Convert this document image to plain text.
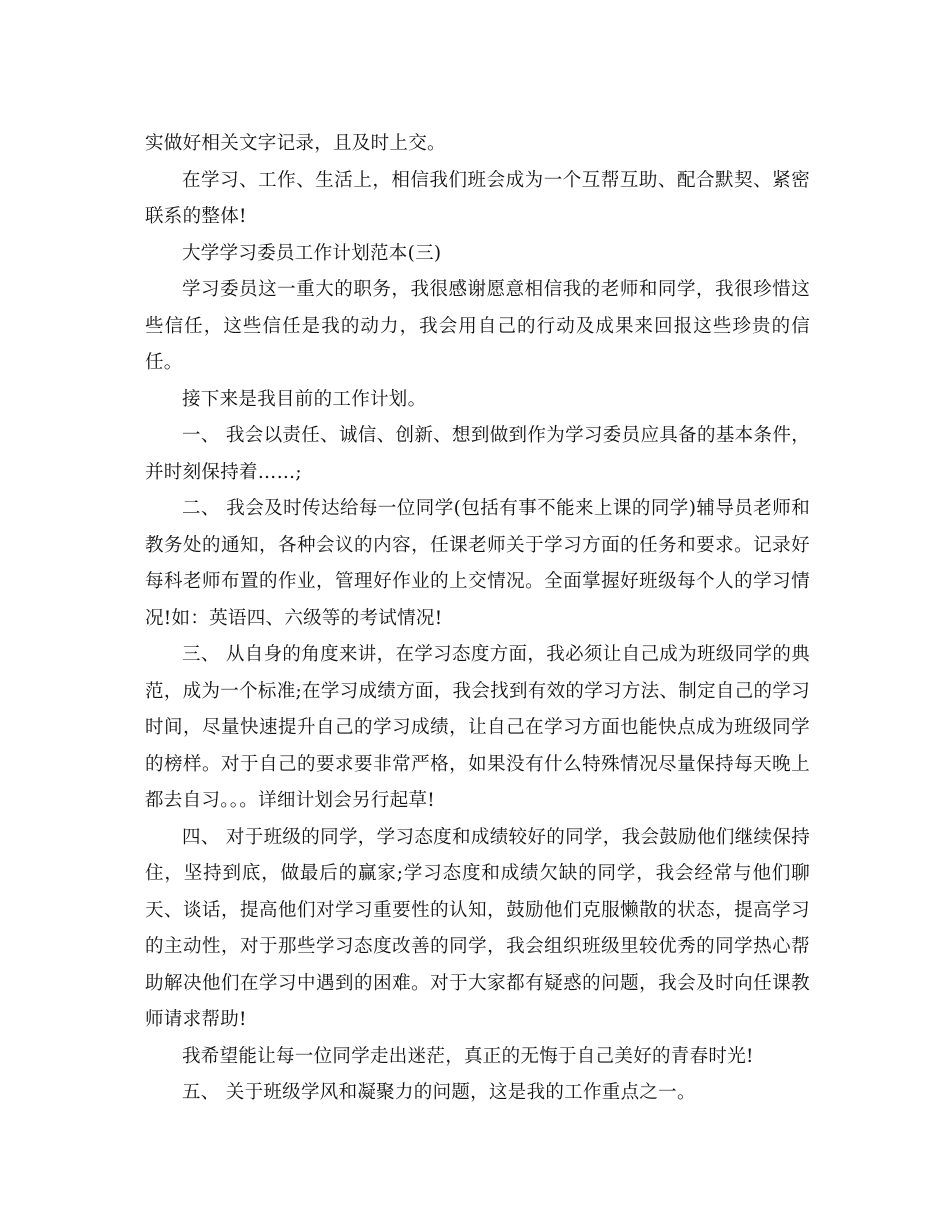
实做好相关文字记录，且及时上交。

在学习、工作、生活上，相信我们班会成为一个互帮互助、配合默契、紧密联系的整体!

大学学习委员工作计划范本(三)

学习委员这一重大的职务，我很感谢愿意相信我的老师和同学，我很珍惜这些信任，这些信任是我的动力，我会用自己的行动及成果来回报这些珍贵的信任。

接下来是我目前的工作计划。

一、 我会以责任、诚信、创新、想到做到作为学习委员应具备的基本条件，并时刻保持着……;

二、 我会及时传达给每一位同学(包括有事不能来上课的同学)辅导员老师和教务处的通知，各种会议的内容，任课老师关于学习方面的任务和要求。记录好每科老师布置的作业，管理好作业的上交情况。全面掌握好班级每个人的学习情况!如：英语四、六级等的考试情况!

三、 从自身的角度来讲，在学习态度方面，我必须让自己成为班级同学的典范，成为一个标准;在学习成绩方面，我会找到有效的学习方法、制定自己的学习时间，尽量快速提升自己的学习成绩，让自己在学习方面也能快点成为班级同学的榜样。对于自己的要求要非常严格，如果没有什么特殊情况尽量保持每天晚上都去自习。。。详细计划会另行起草!

四、 对于班级的同学，学习态度和成绩较好的同学，我会鼓励他们继续保持住，坚持到底，做最后的赢家;学习态度和成绩欠缺的同学，我会经常与他们聊天、谈话，提高他们对学习重要性的认知，鼓励他们克服懒散的状态，提高学习的主动性，对于那些学习态度改善的同学，我会组织班级里较优秀的同学热心帮助解决他们在学习中遇到的困难。对于大家都有疑惑的问题，我会及时向任课教师请求帮助!

我希望能让每一位同学走出迷茫，真正的无悔于自己美好的青春时光!

五、 关于班级学风和凝聚力的问题，这是我的工作重点之一。
